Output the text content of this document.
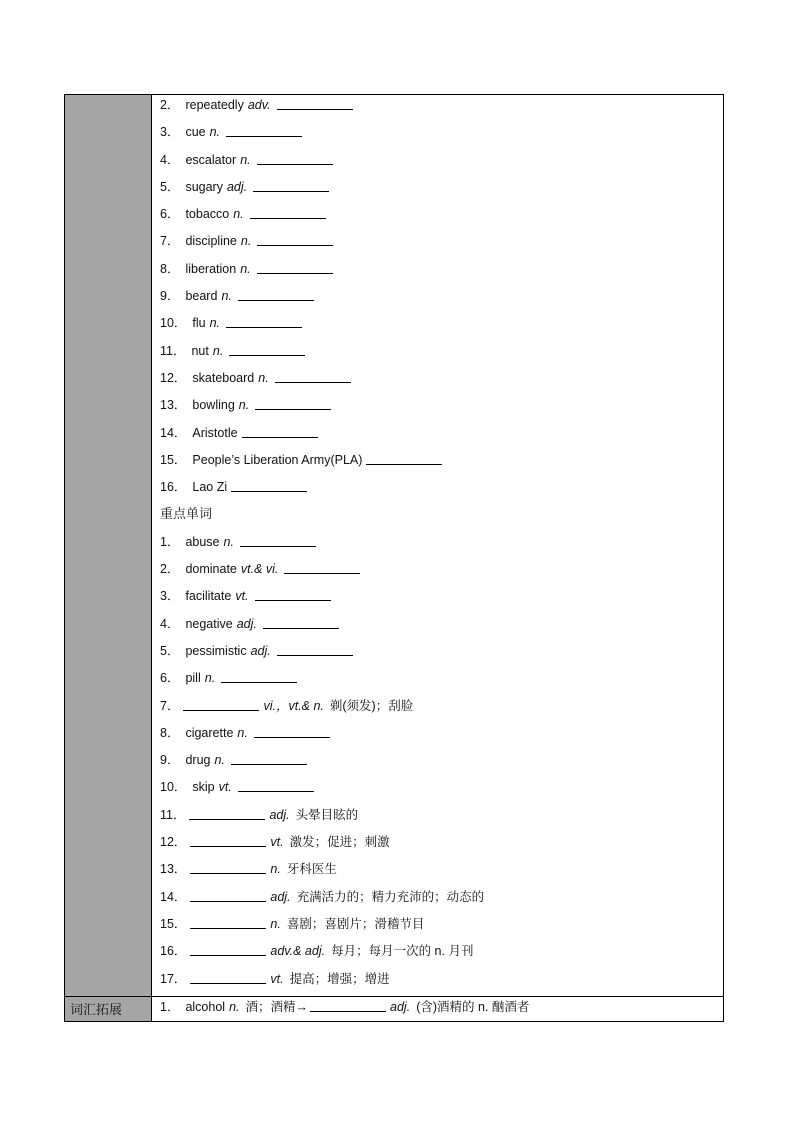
2． repeatedly adv.
3． cue n.
4． escalator n.
5． sugary adj.
6． tobacco n.
7． discipline n.
8． liberation n.
9． beard n.
10． flu n.
11． nut n.
12． skateboard n.
13． bowling n.
14． Aristotle
15． People’s Liberation Army(PLA)
16． Lao Zi
重点单词
1． abuse n.
2． dominate vt.& vi.
3． facilitate vt.
4． negative adj.
5． pessimistic adj.
6． pill n.
7．	vi.，vt.& n. 剃(须发)；刮脸
8． cigarette n.
9． drug n.
10． skip vt.
11．	adj. 头晕目眩的
12．	vt. 激发；促进；刺激
13．	n. 牙科医生
14．	adj. 充满活力的；精力充沛的；动态的
15．	n. 喜剧；喜剧片；滑稽节目
16．	adv.& adj. 每月；每月一次的 n. 月刊
17．	vt. 提高；增强；增进
词汇拓展	1． alcohol n. 酒；酒精→	adj. (含)酒精的 n. 酗酒者
